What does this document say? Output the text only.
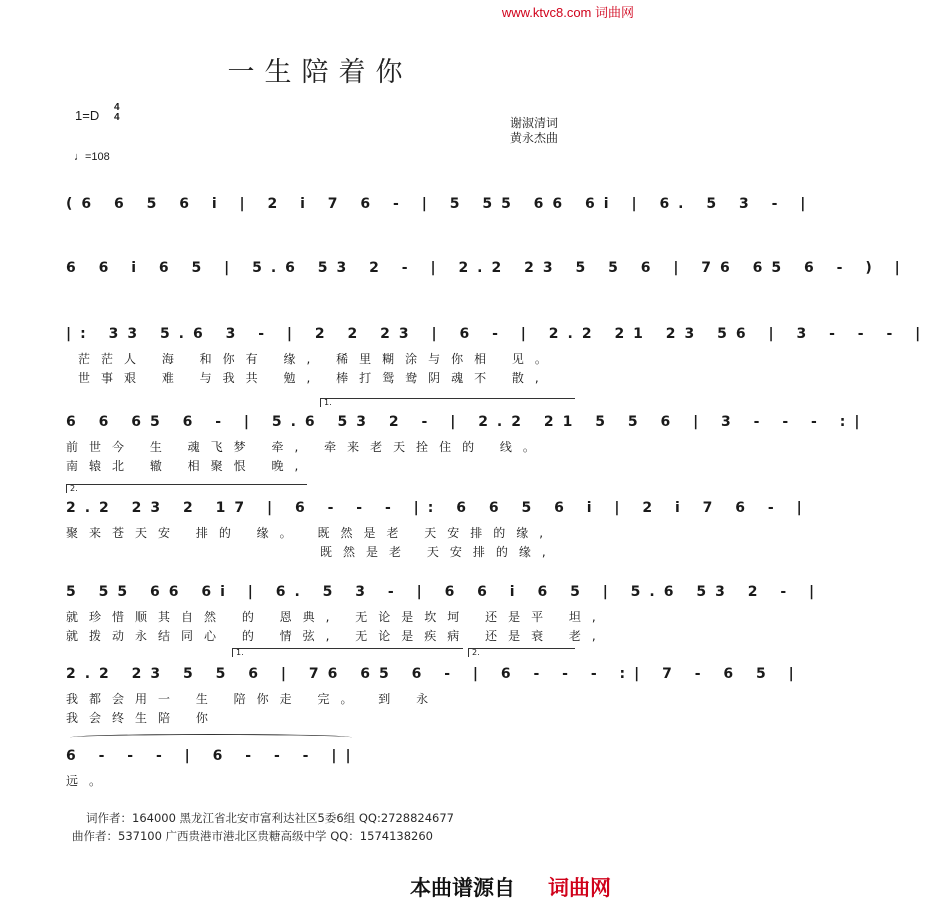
www.ktvc8.com 词曲网
一生陪着你
1=D
4
4
♩=108
谢淑清词
黄永杰曲
(6 6 5 6 i | 2 i 7 6 - | 5 55 66 6i | 6. 5 3 - |
6 6 i 6 5 | 5.6 53 2 - | 2.2 23 5 5 6 | 76 65 6 - ) |
|: 33 5.6 3 - | 2 2 23 | 6 - | 2.2 21 23 56 | 3 - - - |
茫茫人 海 和你有 缘, 稀里糊涂与你相 见。
世事艰 难 与我共 勉, 棒打鸳鸯阴魂不 散,
1.
6 6 65 6 - | 5.6 53 2 - | 2.2 21 5 5 6 | 3 - - - :|
前世今 生 魂飞梦 牵, 牵来老天拴住的 线。
南辕北 辙 相聚恨 晚,
2.
2.2 23 2 17 | 6 - - - |: 6 6 5 6 i | 2 i 7 6 - |
聚来苍天安 排的 缘。 既然是老 天安排的缘,
既然是老 天安排的缘,
5 55 66 6i | 6. 5 3 - | 6 6 i 6 5 | 5.6 53 2 - |
就珍惜顺其自然 的 恩典, 无论是坎坷 还是平 坦,
就拨动永结同心 的 情弦, 无论是疾病 还是衰 老,
1.	2.
2.2 23 5 5 6 | 76 65 6 - | 6 - - - :| 7 - 6 5 |
我都会用一 生 陪你走 完。 到 永
我会终生陪 你
6 - - - | 6 - - - ||
远。
词作者：164000 黑龙江省北安市富利达社区5委6组 QQ:2728824677
曲作者：537100 广西贵港市港北区贵糖高级中学 QQ：1574138260
本曲谱源自 词曲网
